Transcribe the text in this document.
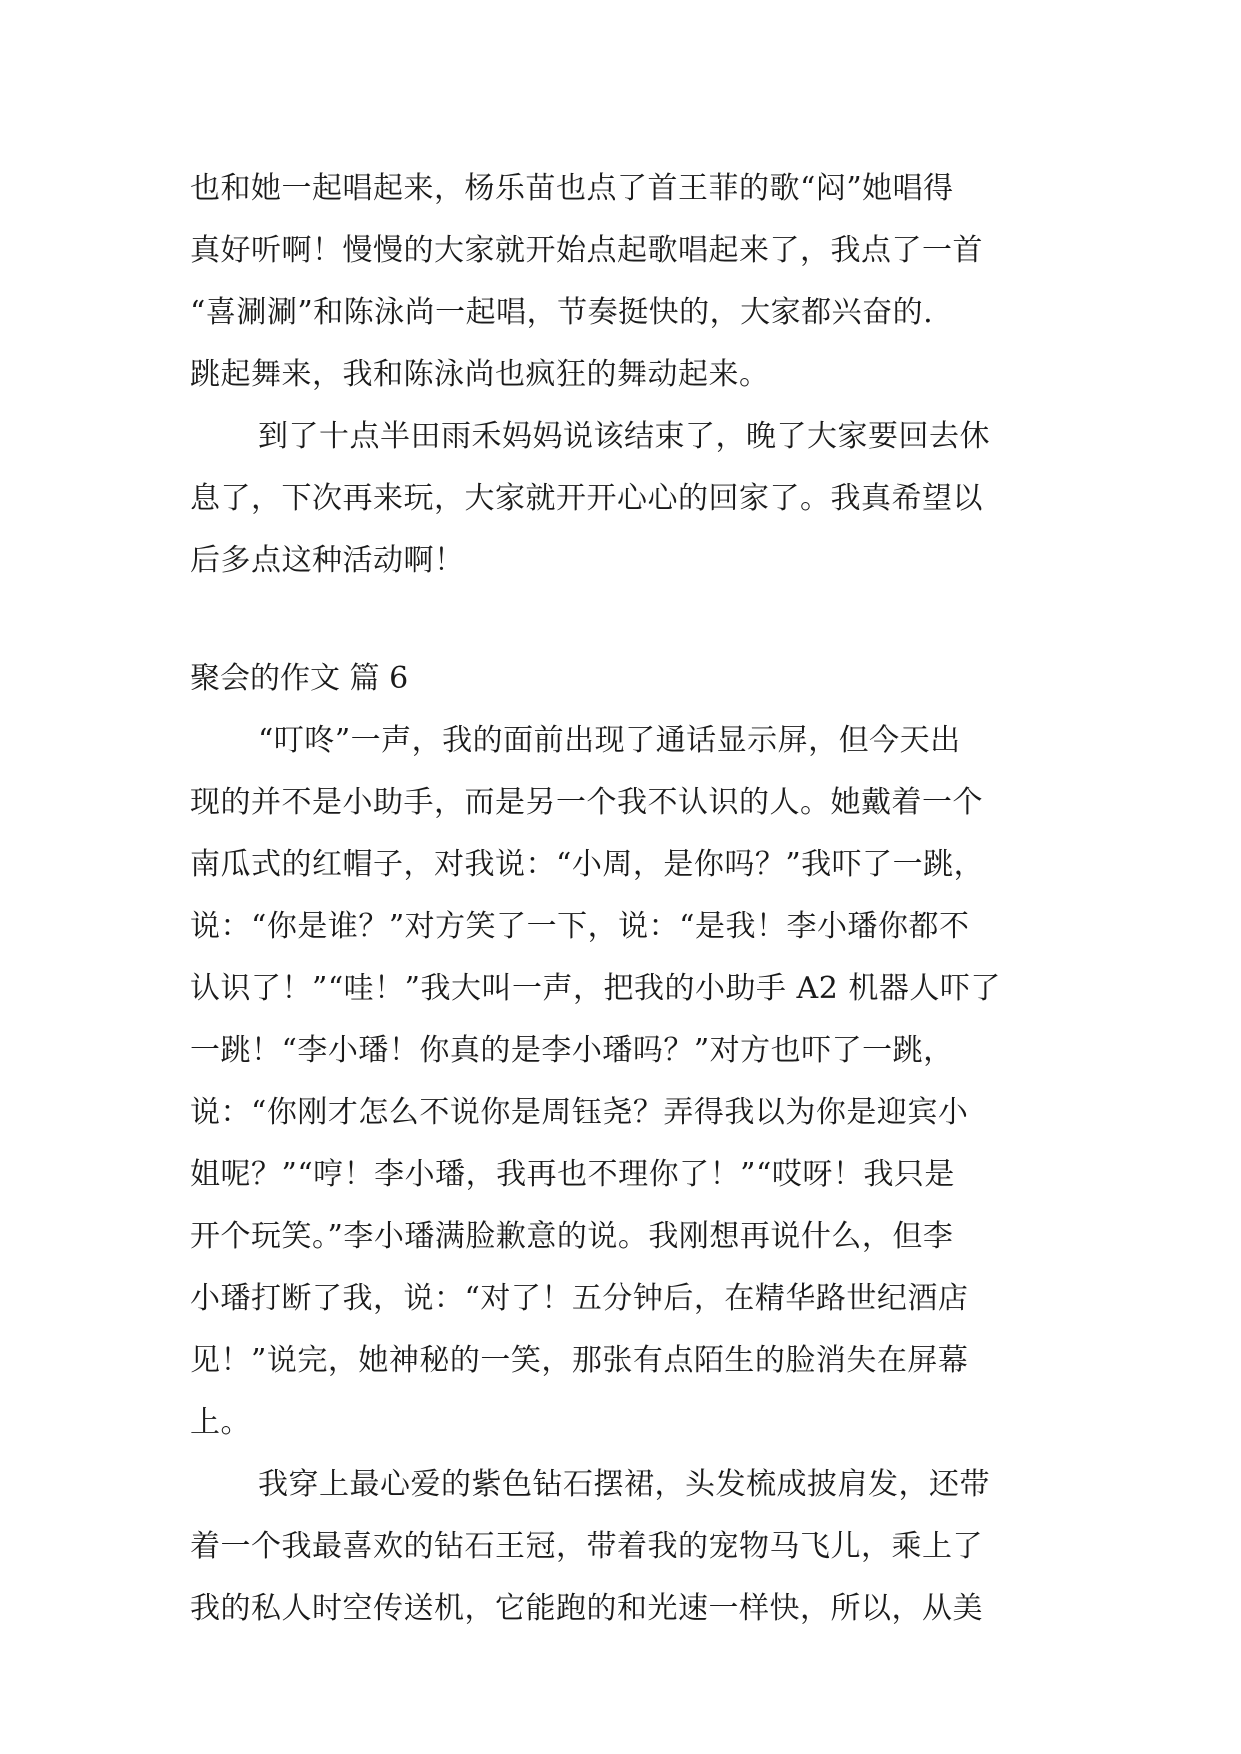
也和她一起唱起来，杨乐苗也点了首王菲的歌“闷”她唱得
真好听啊！慢慢的大家就开始点起歌唱起来了，我点了一首
“喜涮涮”和陈泳尚一起唱，节奏挺快的，大家都兴奋的.
跳起舞来，我和陈泳尚也疯狂的舞动起来。
到了十点半田雨禾妈妈说该结束了，晚了大家要回去休
息了，下次再来玩，大家就开开心心的回家了。我真希望以
后多点这种活动啊！
聚会的作文 篇 6
“叮咚”一声，我的面前出现了通话显示屏，但今天出
现的并不是小助手，而是另一个我不认识的人。她戴着一个
南瓜式的红帽子，对我说：“小周，是你吗？”我吓了一跳，
说：“你是谁？”对方笑了一下，说：“是我！李小璠你都不
认识了！”“哇！”我大叫一声，把我的小助手 A2 机器人吓了
一跳！“李小璠！你真的是李小璠吗？”对方也吓了一跳，
说：“你刚才怎么不说你是周钰尧？弄得我以为你是迎宾小
姐呢？”“哼！李小璠，我再也不理你了！”“哎呀！我只是
开个玩笑。”李小璠满脸歉意的说。我刚想再说什么，但李
小璠打断了我，说：“对了！五分钟后，在精华路世纪酒店
见！”说完，她神秘的一笑，那张有点陌生的脸消失在屏幕
上。
我穿上最心爱的紫色钻石摆裙，头发梳成披肩发，还带
着一个我最喜欢的钻石王冠，带着我的宠物马飞儿，乘上了
我的私人时空传送机，它能跑的和光速一样快，所以，从美
